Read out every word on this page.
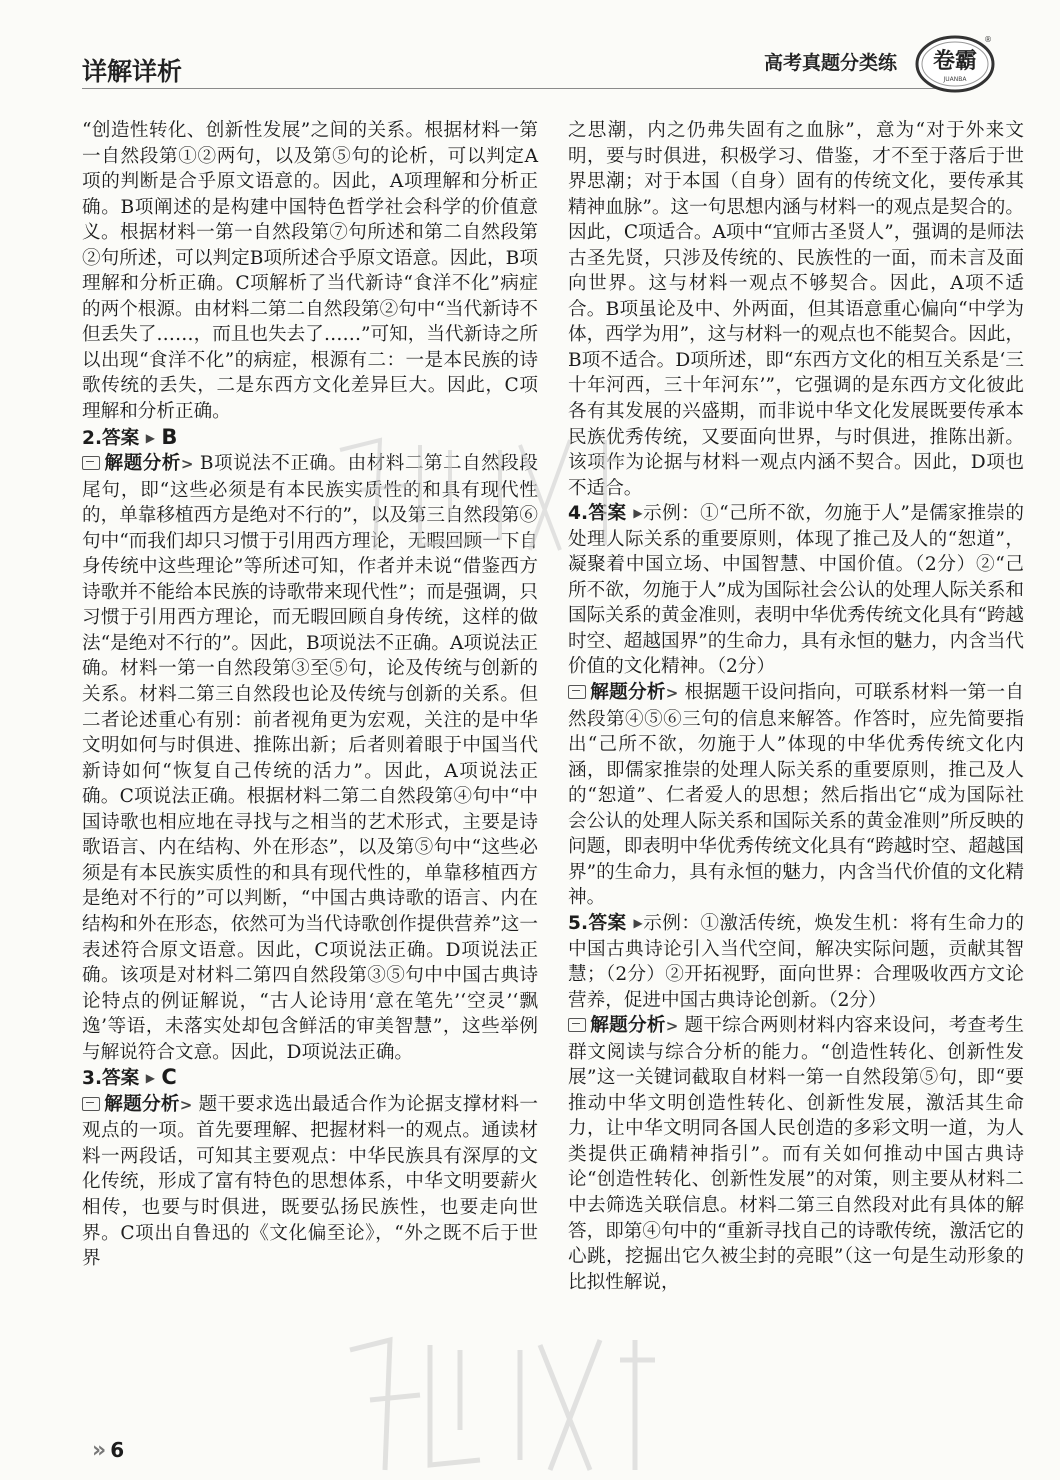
详解详析	高考真题分类练 卷霸
JUANBA
®

“创造性转化、创新性发展”之间的关系。根据材料一第一自然段第①②两句，以及第⑤句的论析，可以判定A项的判断是合乎原文语意的。因此，A项理解和分析正确。B项阐述的是构建中国特色哲学社会科学的价值意义。根据材料一第一自然段第⑦句所述和第二自然段第②句所述，可以判定B项所述合乎原文语意。因此，B项理解和分析正确。C项解析了当代新诗“食洋不化”病症的两个根源。由材料二第二自然段第②句中“当代新诗不但丢失了……，而且也失去了……”可知，当代新诗之所以出现“食洋不化”的病症，根源有二：一是本民族的诗歌传统的丢失，二是东西方文化差异巨大。因此，C项理解和分析正确。

2.答案 ▶ B

解题分析> B项说法不正确。由材料二第二自然段段尾句，即“这些必须是有本民族实质性的和具有现代性的，单靠移植西方是绝对不行的”，以及第三自然段第⑥句中“而我们却只习惯于引用西方理论，无暇回顾一下自身传统中这些理论”等所述可知，作者并未说“借鉴西方诗歌并不能给本民族的诗歌带来现代性”；而是强调，只习惯于引用西方理论，而无暇回顾自身传统，这样的做法“是绝对不行的”。因此，B项说法不正确。A项说法正确。材料一第一自然段第③至⑤句，论及传统与创新的关系。材料二第三自然段也论及传统与创新的关系。但二者论述重心有别：前者视角更为宏观，关注的是中华文明如何与时俱进、推陈出新；后者则着眼于中国当代新诗如何“恢复自己传统的活力”。因此，A项说法正确。C项说法正确。根据材料二第二自然段第④句中“中国诗歌也相应地在寻找与之相当的艺术形式，主要是诗歌语言、内在结构、外在形态”，以及第⑤句中“这些必须是有本民族实质性的和具有现代性的，单靠移植西方是绝对不行的”可以判断，“中国古典诗歌的语言、内在结构和外在形态，依然可为当代诗歌创作提供营养”这一表述符合原文语意。因此，C项说法正确。D项说法正确。该项是对材料二第四自然段第③⑤句中中国古典诗论特点的例证解说，“古人论诗用‘意在笔先’‘空灵’‘飘逸’等语，未落实处却包含鲜活的审美智慧”，这些举例与解说符合文意。因此，D项说法正确。

3.答案 ▶ C

解题分析> 题干要求选出最适合作为论据支撑材料一观点的一项。首先要理解、把握材料一的观点。通读材料一两段话，可知其主要观点：中华民族具有深厚的文化传统，形成了富有特色的思想体系，中华文明要薪火相传，也要与时俱进，既要弘扬民族性，也要走向世界。C项出自鲁迅的《文化偏至论》，“外之既不后于世界

之思潮，内之仍弗失固有之血脉”，意为“对于外来文明，要与时俱进，积极学习、借鉴，才不至于落后于世界思潮；对于本国（自身）固有的传统文化，要传承其精神血脉”。这一句思想内涵与材料一的观点是契合的。因此，C项适合。A项中“宜师古圣贤人”，强调的是师法古圣先贤，只涉及传统的、民族性的一面，而未言及面向世界。这与材料一观点不够契合。因此，A项不适合。B项虽论及中、外两面，但其语意重心偏向“中学为体，西学为用”，这与材料一的观点也不能契合。因此，B项不适合。D项所述，即“东西方文化的相互关系是‘三十年河西，三十年河东’”，它强调的是东西方文化彼此各有其发展的兴盛期，而非说中华文化发展既要传承本民族优秀传统，又要面向世界，与时俱进，推陈出新。该项作为论据与材料一观点内涵不契合。因此，D项也不适合。

4.答案 ▶示例：①“己所不欲，勿施于人”是儒家推崇的处理人际关系的重要原则，体现了推己及人的“恕道”，凝聚着中国立场、中国智慧、中国价值。（2分）②“己所不欲，勿施于人”成为国际社会公认的处理人际关系和国际关系的黄金准则，表明中华优秀传统文化具有“跨越时空、超越国界”的生命力，具有永恒的魅力，内含当代价值的文化精神。（2分）

解题分析> 根据题干设问指向，可联系材料一第一自然段第④⑤⑥三句的信息来解答。作答时，应先简要指出“己所不欲，勿施于人”体现的中华优秀传统文化内涵，即儒家推崇的处理人际关系的重要原则，推己及人的“恕道”、仁者爱人的思想；然后指出它“成为国际社会公认的处理人际关系和国际关系的黄金准则”所反映的问题，即表明中华优秀传统文化具有“跨越时空、超越国界”的生命力，具有永恒的魅力，内含当代价值的文化精神。

5.答案 ▶示例：①激活传统，焕发生机：将有生命力的中国古典诗论引入当代空间，解决实际问题，贡献其智慧；（2分）②开拓视野，面向世界：合理吸收西方文论营养，促进中国古典诗论创新。（2分）

解题分析> 题干综合两则材料内容来设问，考查考生群文阅读与综合分析的能力。“创造性转化、创新性发展”这一关键词截取自材料一第一自然段第⑤句，即“要推动中华文明创造性转化、创新性发展，激活其生命力，让中华文明同各国人民创造的多彩文明一道，为人类提供正确精神指引”。而有关如何推动中国古典诗论“创造性转化、创新性发展”的对策，则主要从材料二中去筛选关联信息。材料二第三自然段对此有具体的解答，即第④句中的“重新寻找自己的诗歌传统，激活它的心跳，挖掘出它久被尘封的亮眼”（这一句是生动形象的比拟性解说，

» 6
